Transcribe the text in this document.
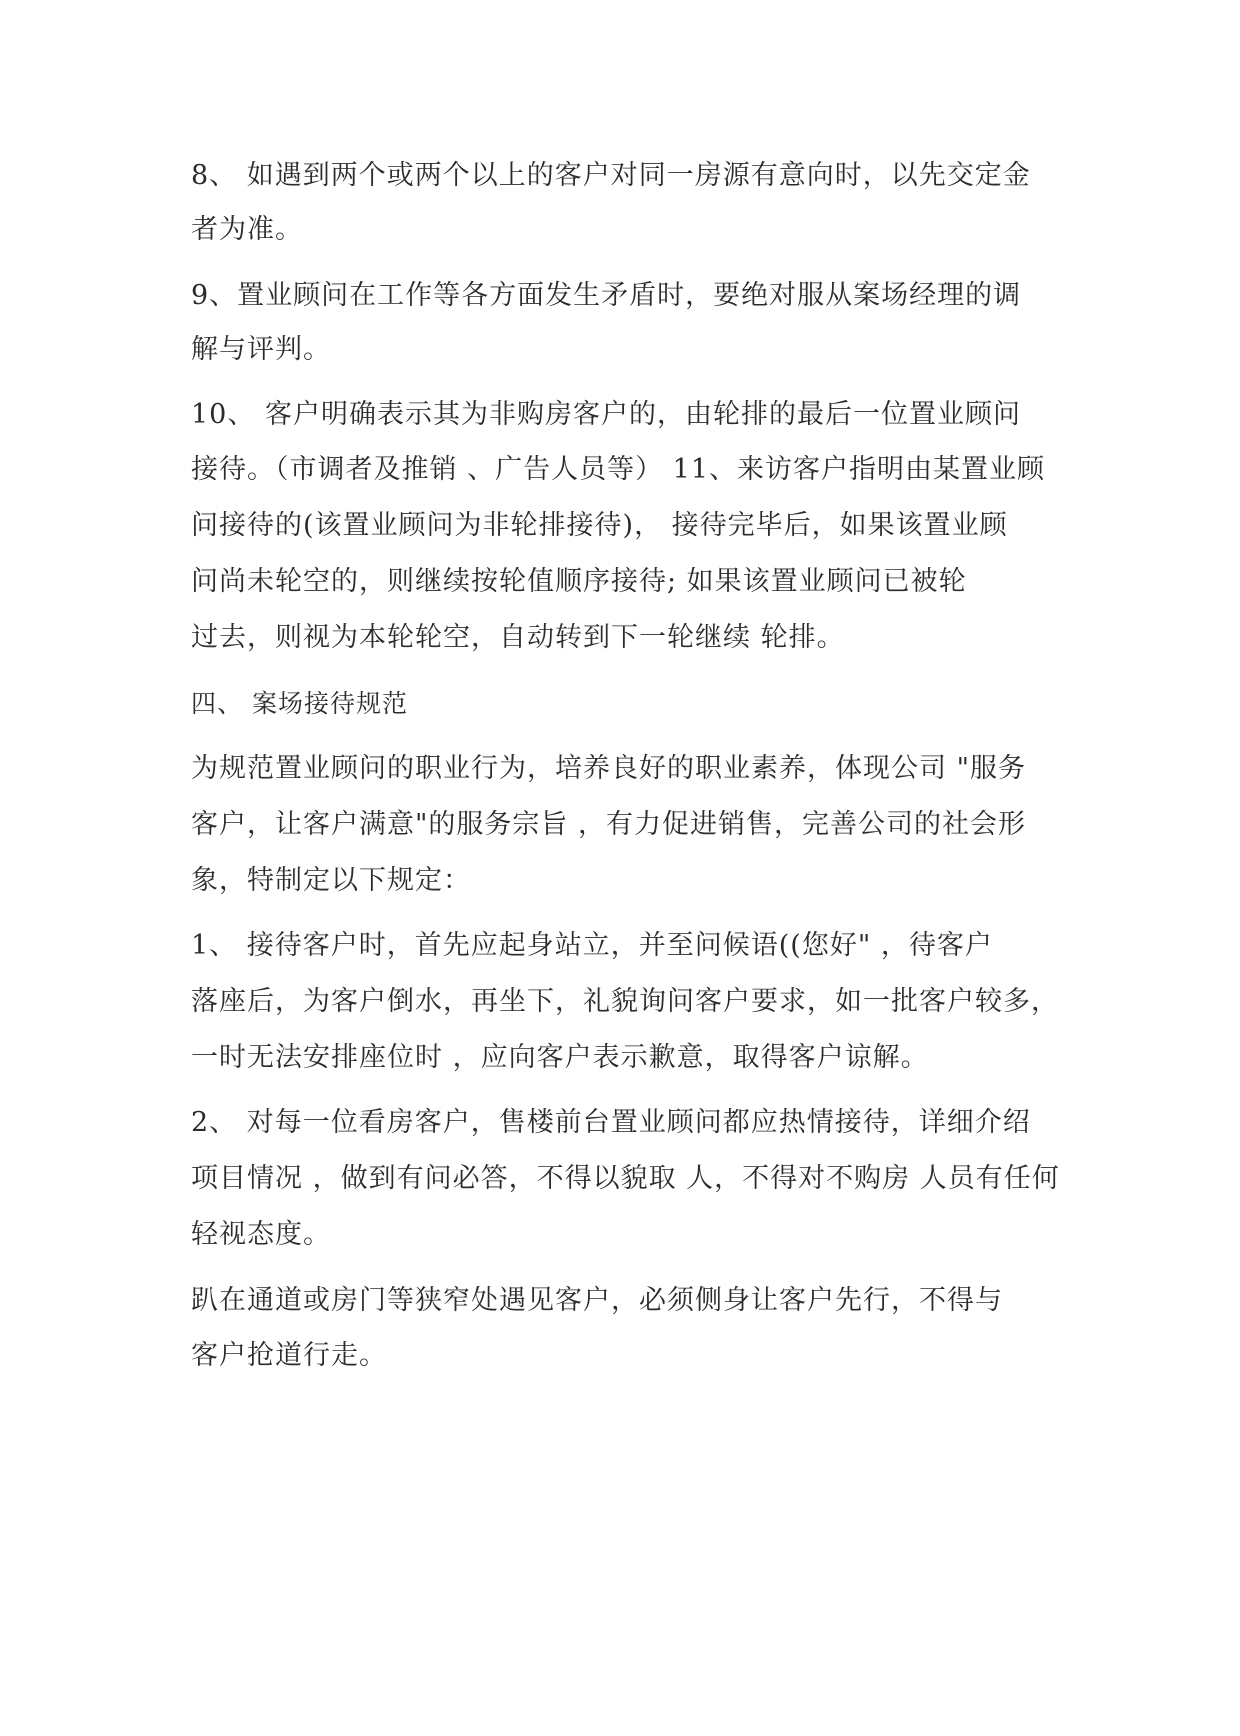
8、 如遇到两个或两个以上的客户对同一房源有意向时，以先交定金
者为准。
9、置业顾问在工作等各方面发生矛盾时，要绝对服从案场经理的调
解与评判。
10、 客户明确表示其为非购房客户的，由轮排的最后一位置业顾问
接待。（市调者及推销 、广告人员等） 11、来访客户指明由某置业顾
问接待的(该置业顾问为非轮排接待)， 接待完毕后，如果该置业顾
问尚未轮空的，则继续按轮值顺序接待; 如果该置业顾问已被轮
过去，则视为本轮轮空，自动转到下一轮继续 轮排。
四、 案场接待规范
为规范置业顾问的职业行为，培养良好的职业素养，体现公司 "服务
客户，让客户满意"的服务宗旨 ，有力促进销售，完善公司的社会形
象，特制定以下规定：
1、 接待客户时，首先应起身站立，并至问候语((您好" ，待客户
落座后，为客户倒水，再坐下，礼貌询问客户要求，如一批客户较多，
一时无法安排座位时 ，应向客户表示歉意，取得客户谅解。
2、 对每一位看房客户，售楼前台置业顾问都应热情接待，详细介绍
项目情况 ，做到有问必答，不得以貌取 人，不得对不购房 人员有任何
轻视态度。
趴在通道或房门等狭窄处遇见客户，必须侧身让客户先行，不得与
客户抢道行走。
